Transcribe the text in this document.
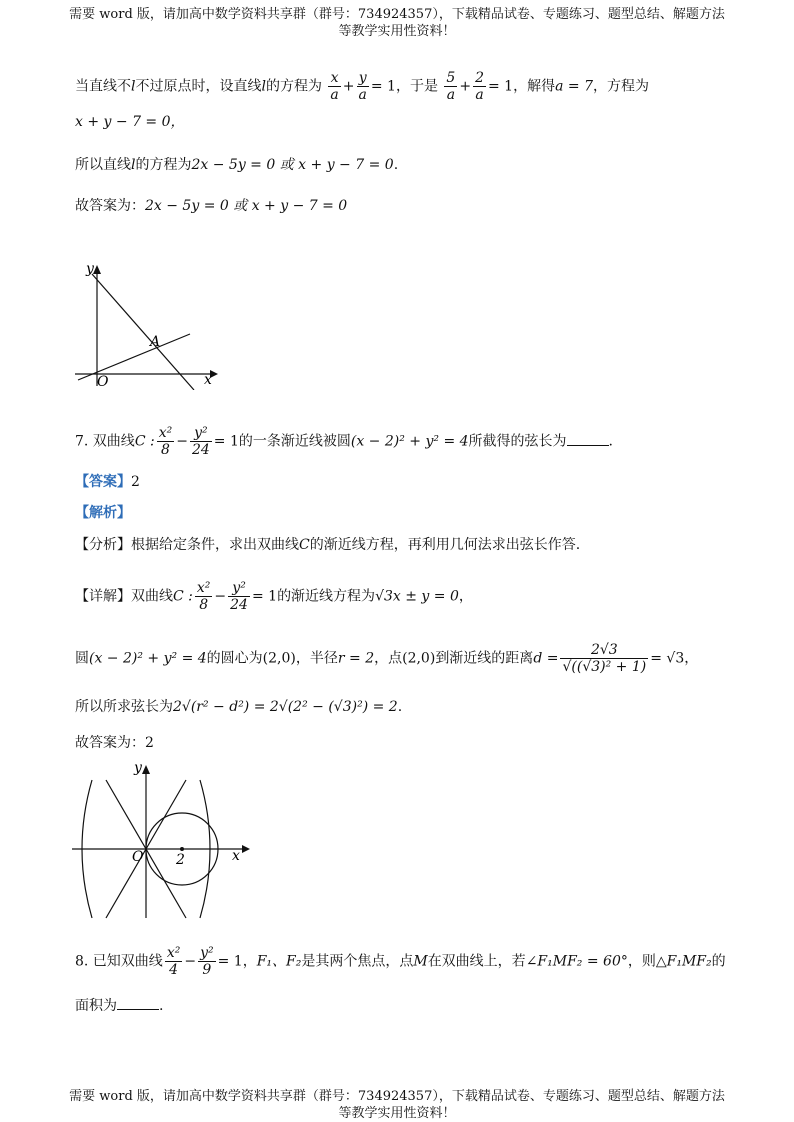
需要 word 版，请加高中数学资料共享群（群号：734924357），下载精品试卷、专题练习、题型总结、解题方法
等教学实用性资料！
当直线不l不过原点时，设直线l的方程为 $\frac{x}{a} + \frac{y}{a} = 1$，于是 $\frac{5}{a} + \frac{2}{a} = 1$，解得a = 7，方程为
x + y − 7 = 0，
所以直线l的方程为2x − 5y = 0 或 x + y − 7 = 0.
故答案为：2x − 5y = 0 或 x + y − 7 = 0
y
x
O
A
7. 双曲线C : $\frac{\text{x²}}{8} - \frac{\text{y²}}{24} = 1$的一条渐近线被圆(x − 2)² + y² = 4所截得的弦长为	.
【答案】2
【解析】
【分析】根据给定条件，求出双曲线C的渐近线方程，再利用几何法求出弦长作答.
【详解】双曲线C : $\frac{\text{x²}}{8} - \frac{\text{y²}}{24} = 1$的渐近线方程为√3x ± y = 0，
圆(x − 2)² + y² = 4的圆心为(2,0)，半径r = 2，点(2,0)到渐近线的距离$d = \frac{2√3}{\text{√((√3)² + 1)}} = √3$，
所以所求弦长为2√(r² − d²) = 2√(2² − (√3)²) = 2.
故答案为：2
y
x
O 2
8. 已知双曲线 $\frac{\text{x²}}{4} - \frac{\text{y²}}{9} = 1$，F₁、F₂是其两个焦点，点M在双曲线上，若∠F₁MF₂ = 60°，则△F₁MF₂的
面积为	.
需要 word 版，请加高中数学资料共享群（群号：734924357），下载精品试卷、专题练习、题型总结、解题方法
等教学实用性资料！
